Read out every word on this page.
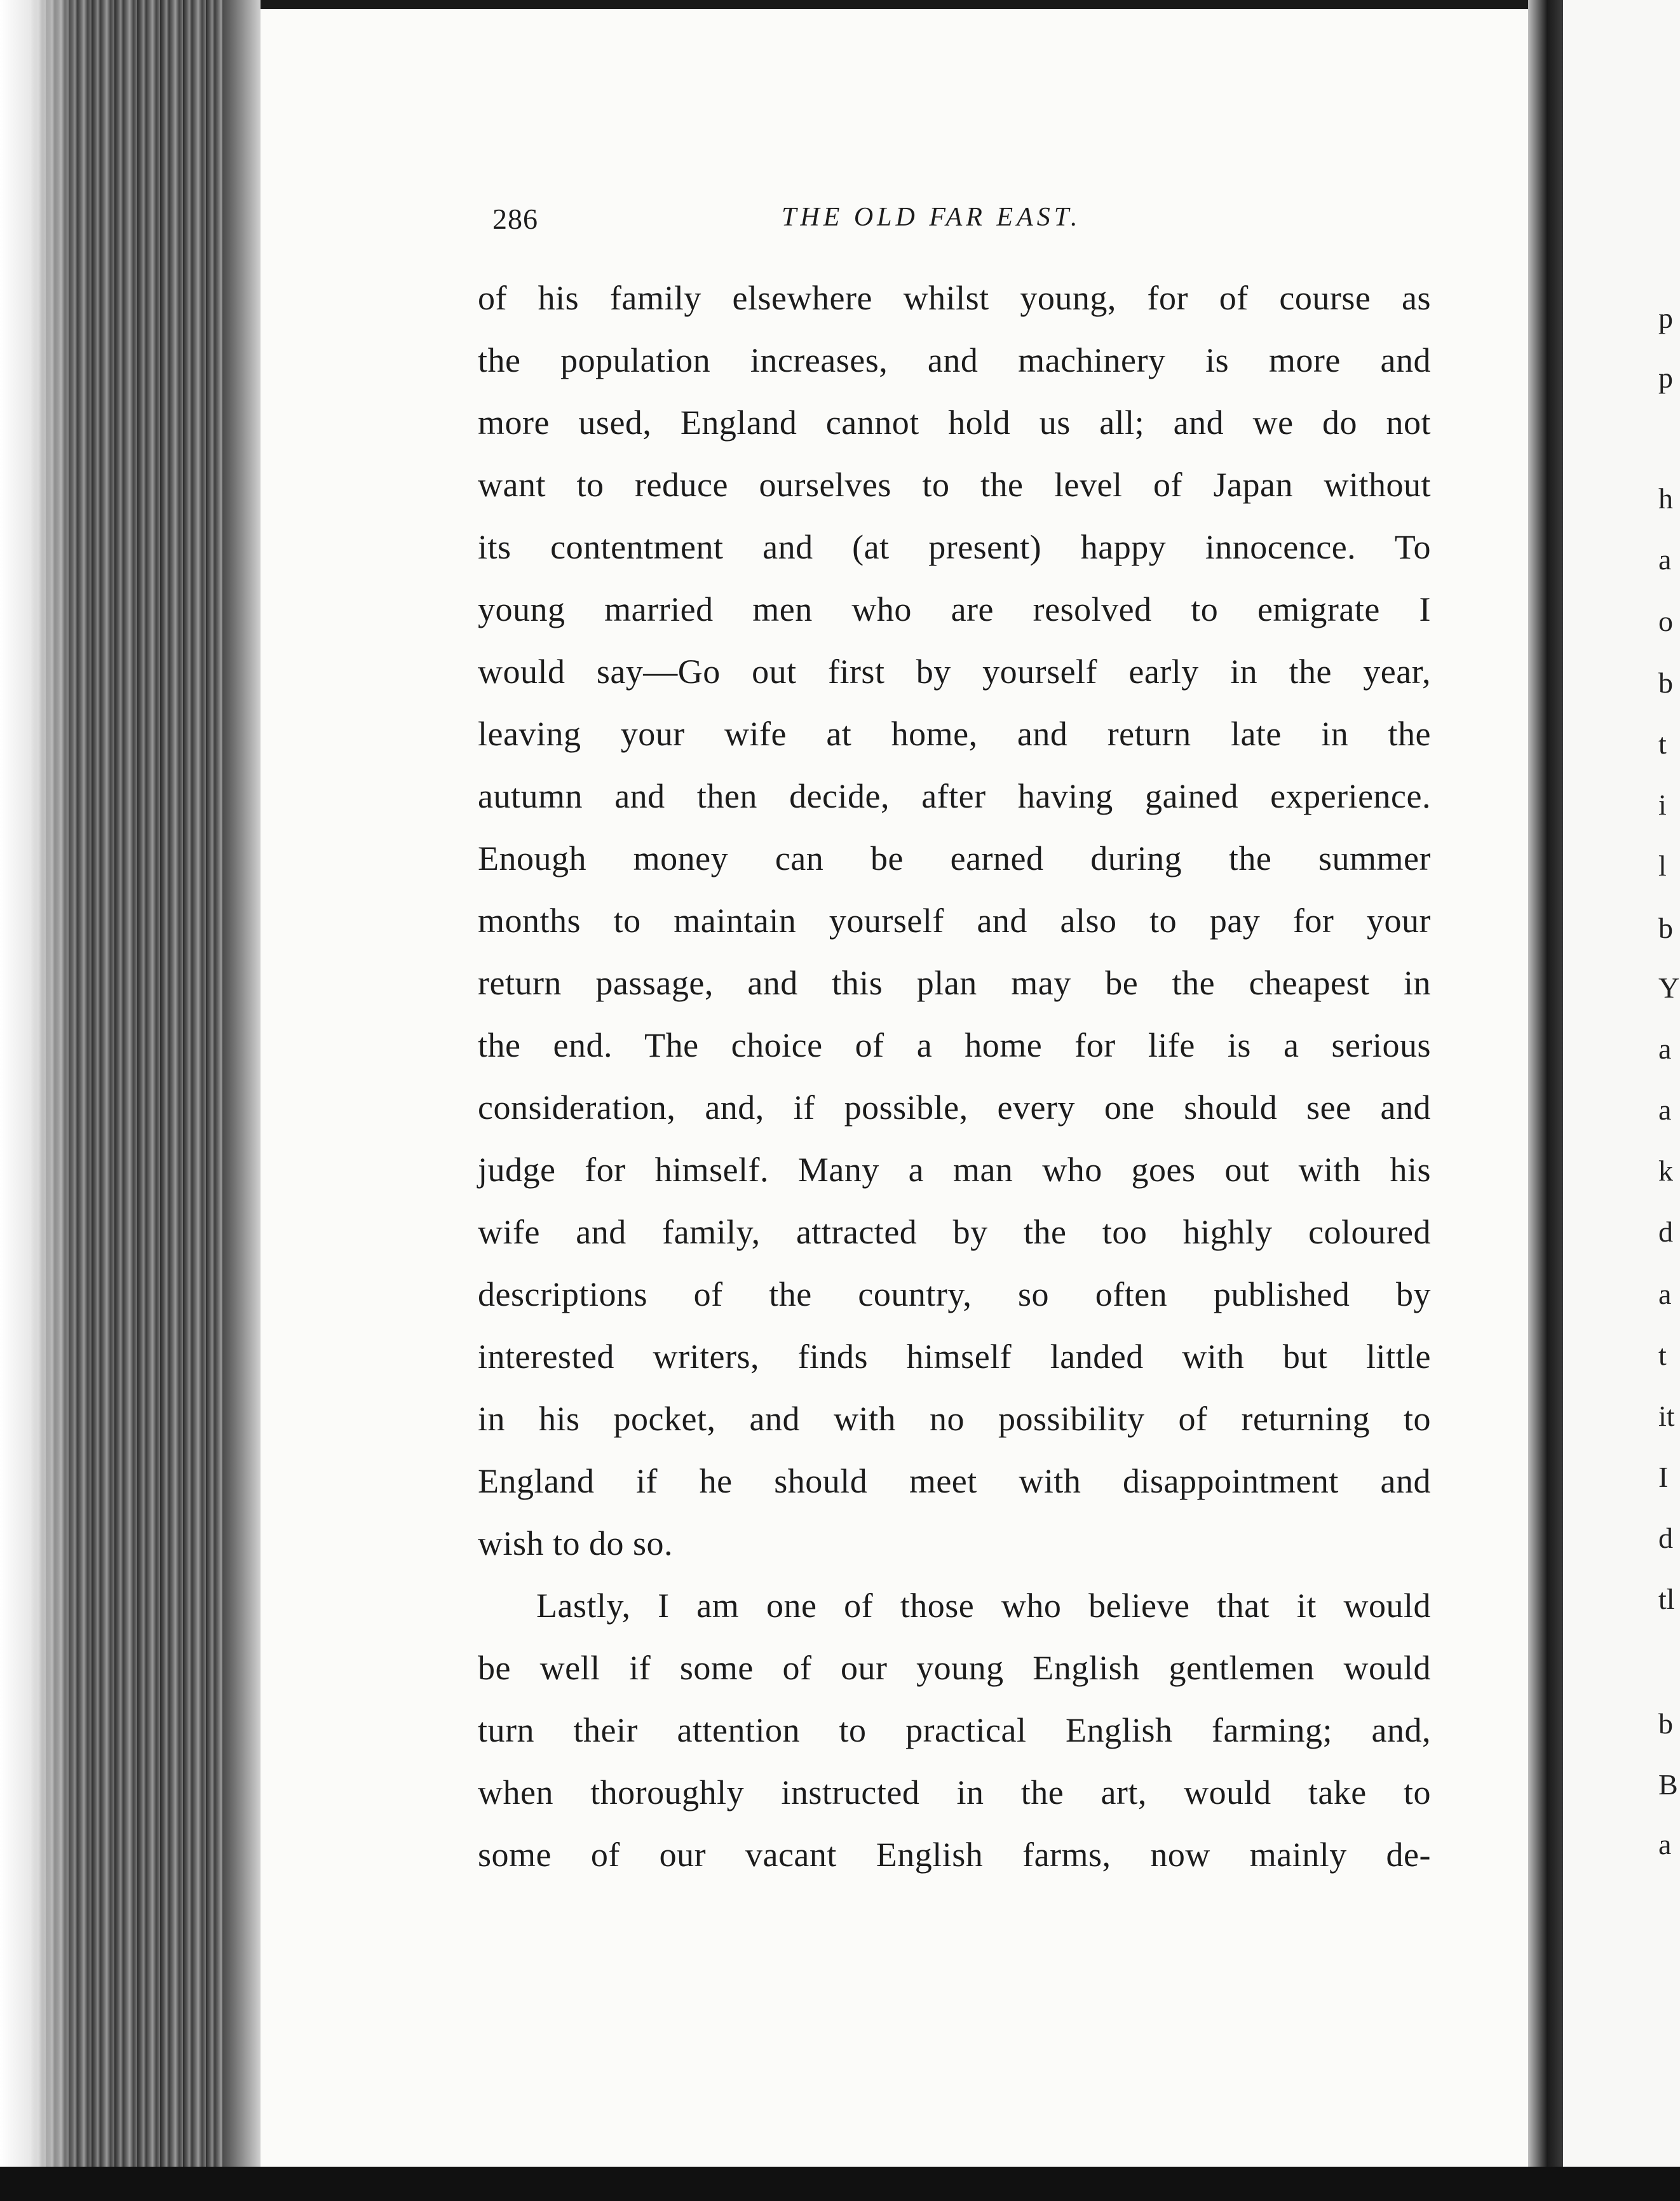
p
p
h
a
o
b
t
i
l
b
Y
a
a
k
d
a
t
it
I
d
tl
b
B
a
286	THE OLD FAR EAST.
of his family elsewhere whilst young, for of course as
the population increases, and machinery is more and
more used, England cannot hold us all; and we do not
want to reduce ourselves to the level of Japan without
its contentment and (at present) happy innocence. To
young married men who are resolved to emigrate I
would say—Go out first by yourself early in the year,
leaving your wife at home, and return late in the
autumn and then decide, after having gained experience.
Enough money can be earned during the summer
months to maintain yourself and also to pay for your
return passage, and this plan may be the cheapest in
the end. The choice of a home for life is a serious
consideration, and, if possible, every one should see and
judge for himself. Many a man who goes out with his
wife and family, attracted by the too highly coloured
descriptions of the country, so often published by
interested writers, finds himself landed with but little
in his pocket, and with no possibility of returning to
England if he should meet with disappointment and
wish to do so.
Lastly, I am one of those who believe that it would
be well if some of our young English gentlemen would
turn their attention to practical English farming; and,
when thoroughly instructed in the art, would take to
some of our vacant English farms, now mainly de-
